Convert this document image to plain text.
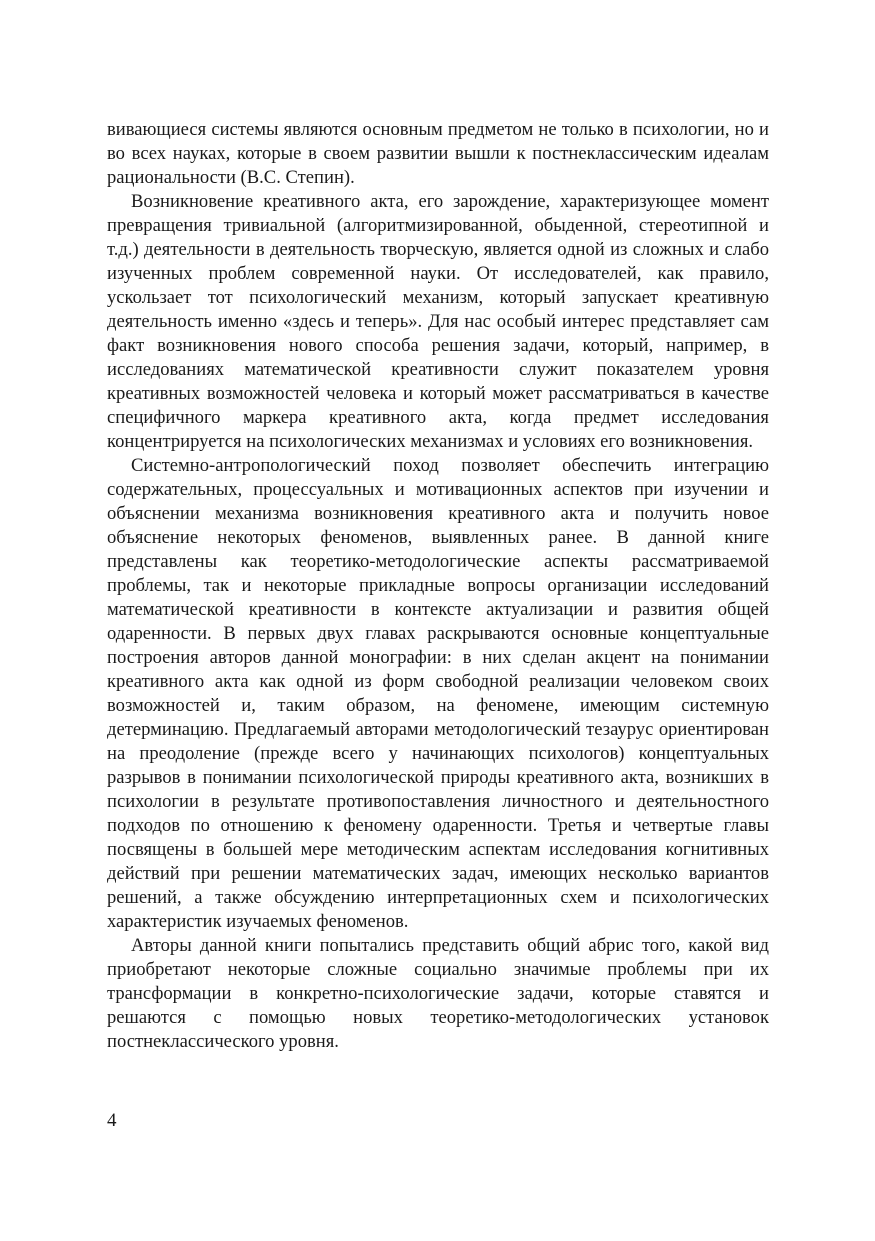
вивающиеся системы являются основным предметом не только в психологии, но и во всех науках, которые в своем развитии вышли к постнеклассическим идеалам рациональности (В.С. Степин).

Возникновение креативного акта, его зарождение, характеризующее момент превращения тривиальной (алгоритмизированной, обыденной, стереотипной и т.д.) деятельности в деятельность творческую, является одной из сложных и слабо изученных проблем современной науки. От исследователей, как правило, ускользает тот психологический механизм, который запускает креативную деятельность именно «здесь и теперь». Для нас особый интерес представляет сам факт возникновения нового способа решения задачи, который, например, в исследованиях математической креативности служит показателем уровня креативных возможностей человека и который может рассматриваться в качестве специфичного маркера креативного акта, когда предмет исследования концентрируется на психологических механизмах и условиях его возникновения.

Системно-антропологический поход позволяет обеспечить интеграцию содержательных, процессуальных и мотивационных аспектов при изучении и объяснении механизма возникновения креативного акта и получить новое объяснение некоторых феноменов, выявленных ранее. В данной книге представлены как теоретико-методологические аспекты рассматриваемой проблемы, так и некоторые прикладные вопросы организации исследований математической креативности в контексте актуализации и развития общей одаренности. В первых двух главах раскрываются основные концептуальные построения авторов данной монографии: в них сделан акцент на понимании креативного акта как одной из форм свободной реализации человеком своих возможностей и, таким образом, на феномене, имеющим системную детерминацию. Предлагаемый авторами методологический тезаурус ориентирован на преодоление (прежде всего у начинающих психологов) концептуальных разрывов в понимании психологической природы креативного акта, возникших в психологии в результате противопоставления личностного и деятельностного подходов по отношению к феномену одаренности. Третья и четвертые главы посвящены в большей мере методическим аспектам исследования когнитивных действий при решении математических задач, имеющих несколько вариантов решений, а также обсуждению интерпретационных схем и психологических характеристик изучаемых феноменов.

Авторы данной книги попытались представить общий абрис того, какой вид приобретают некоторые сложные социально значимые проблемы при их трансформации в конкретно-психологические задачи, которые ставятся и решаются с помощью новых теоретико-методологических установок постнеклассического уровня.

4
